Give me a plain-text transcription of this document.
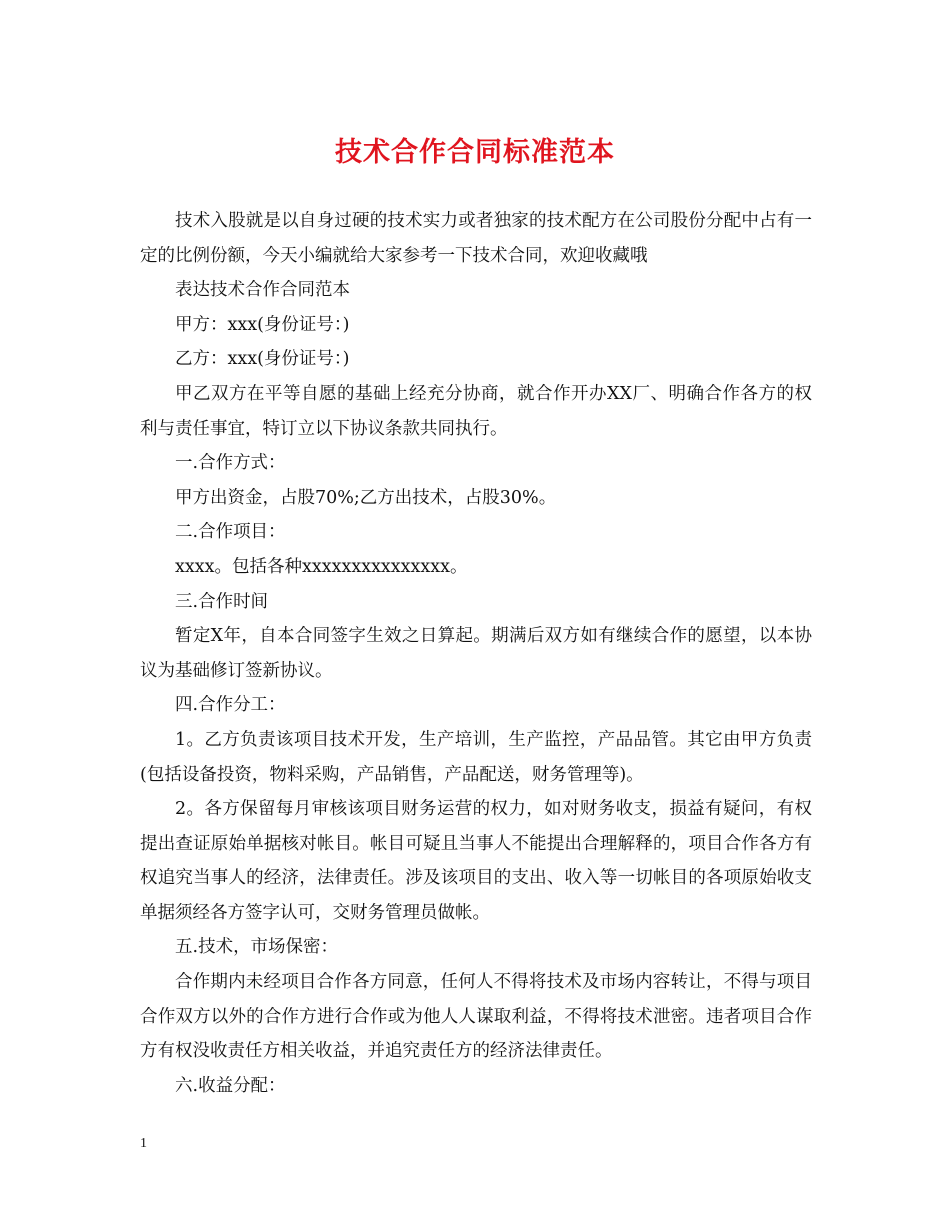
技术合作合同标准范本

技术入股就是以自身过硬的技术实力或者独家的技术配方在公司股份分配中占有一定的比例份额，今天小编就给大家参考一下技术合同，欢迎收藏哦

表达技术合作合同范本

甲方：xxx(身份证号：)

乙方：xxx(身份证号：)

甲乙双方在平等自愿的基础上经充分协商，就合作开办XX厂、明确合作各方的权利与责任事宜，特订立以下协议条款共同执行。

一.合作方式：

甲方出资金，占股70%;乙方出技术，占股30%。

二.合作项目：

xxxx。包括各种xxxxxxxxxxxxxxx。

三.合作时间

暂定X年，自本合同签字生效之日算起。期满后双方如有继续合作的愿望，以本协议为基础修订签新协议。

四.合作分工：

1。乙方负责该项目技术开发，生产培训，生产监控，产品品管。其它由甲方负责(包括设备投资，物料采购，产品销售，产品配送，财务管理等)。

2。各方保留每月审核该项目财务运营的权力，如对财务收支，损益有疑问，有权提出查证原始单据核对帐目。帐目可疑且当事人不能提出合理解释的，项目合作各方有权追究当事人的经济，法律责任。涉及该项目的支出、收入等一切帐目的各项原始收支单据须经各方签字认可，交财务管理员做帐。

五.技术，市场保密：

合作期内未经项目合作各方同意，任何人不得将技术及市场内容转让，不得与项目合作双方以外的合作方进行合作或为他人人谋取利益，不得将技术泄密。违者项目合作方有权没收责任方相关收益，并追究责任方的经济法律责任。

六.收益分配：

1
